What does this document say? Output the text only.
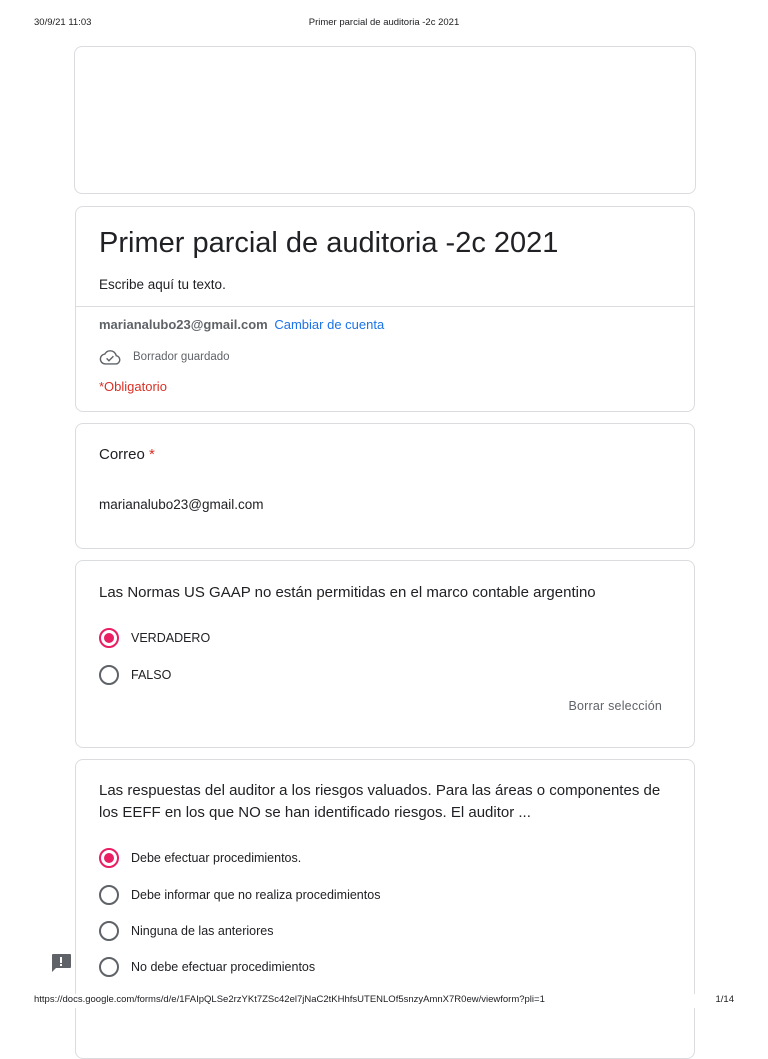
30/9/21 11:03	Primer parcial de auditoria -2c 2021
Primer parcial de auditoria -2c 2021
Escribe aquí tu texto.
marianalubo23@gmail.com Cambiar de cuenta
Borrador guardado
*Obligatorio
Correo *
marianalubo23@gmail.com
Las Normas US GAAP no están permitidas en el marco contable argentino
VERDADERO
FALSO
Borrar selección
Las respuestas del auditor a los riesgos valuados. Para las áreas o componentes de los EEFF en los que NO se han identificado riesgos. El auditor ...
Debe efectuar procedimientos.
Debe informar que no realiza procedimientos
Ninguna de las anteriores
No debe efectuar procedimientos
https://docs.google.com/forms/d/e/1FAIpQLSe2rzYKt7ZSc42el7jNaC2tKHhfsUTENLOf5snzyAmnX7R0ew/viewform?pli=1	1/14
